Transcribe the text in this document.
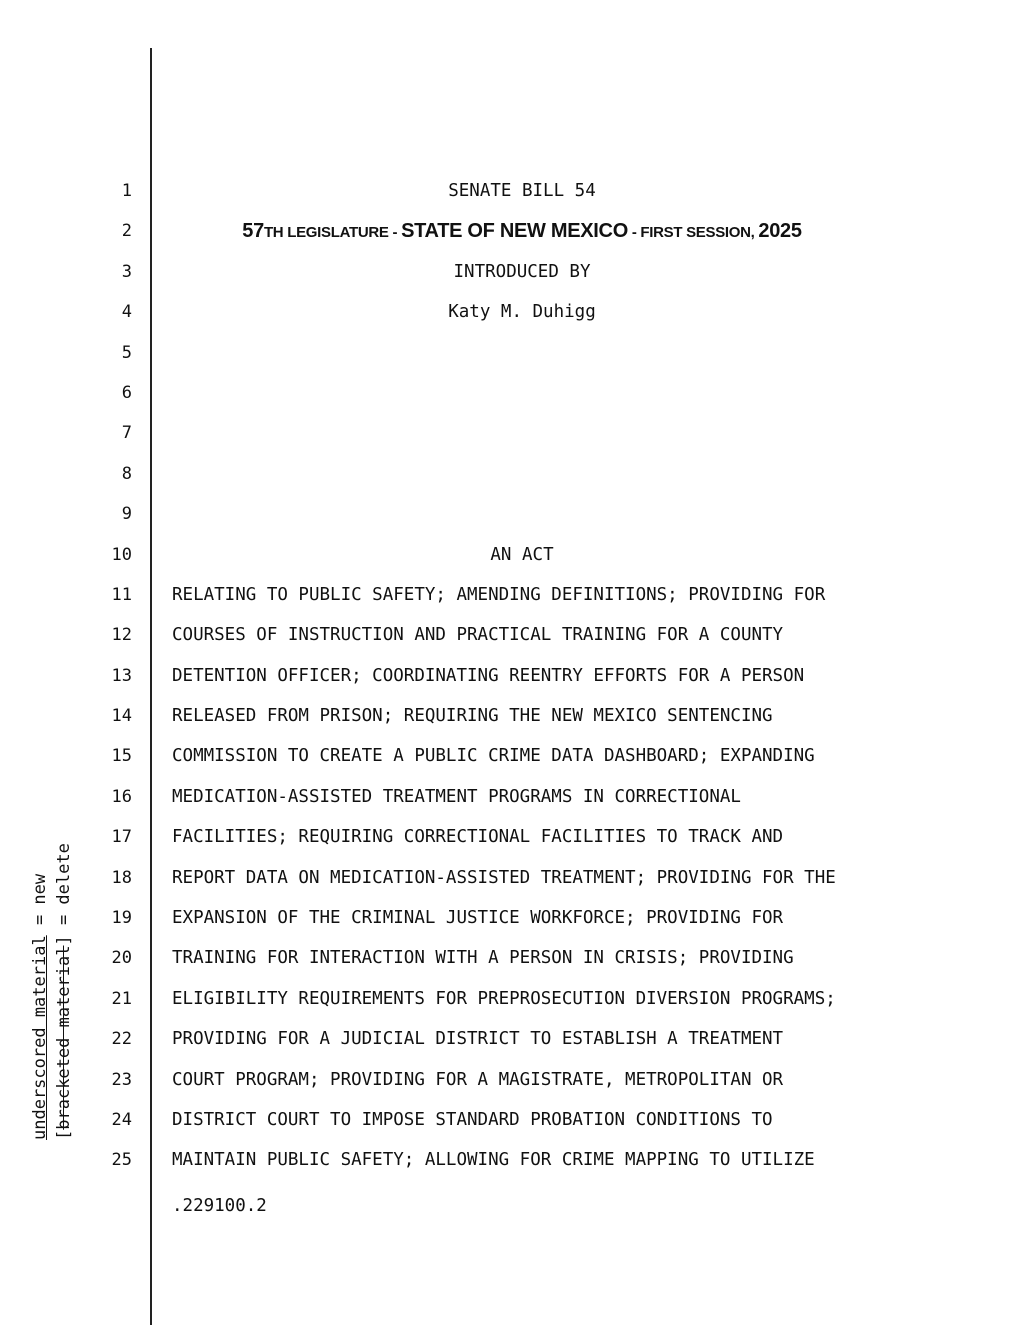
underscored material = new
[bracketed material] = delete
1
2
3
4
5
6
7
8
9
10
11
12
13
14
15
16
17
18
19
20
21
22
23
24
25
SENATE BILL 54
57TH LEGISLATURE - STATE OF NEW MEXICO - FIRST SESSION, 2025
INTRODUCED BY
Katy M. Duhigg
AN ACT
RELATING TO PUBLIC SAFETY; AMENDING DEFINITIONS; PROVIDING FOR
COURSES OF INSTRUCTION AND PRACTICAL TRAINING FOR A COUNTY
DETENTION OFFICER; COORDINATING REENTRY EFFORTS FOR A PERSON
RELEASED FROM PRISON; REQUIRING THE NEW MEXICO SENTENCING
COMMISSION TO CREATE A PUBLIC CRIME DATA DASHBOARD; EXPANDING
MEDICATION-ASSISTED TREATMENT PROGRAMS IN CORRECTIONAL
FACILITIES; REQUIRING CORRECTIONAL FACILITIES TO TRACK AND
REPORT DATA ON MEDICATION-ASSISTED TREATMENT; PROVIDING FOR THE
EXPANSION OF THE CRIMINAL JUSTICE WORKFORCE; PROVIDING FOR
TRAINING FOR INTERACTION WITH A PERSON IN CRISIS; PROVIDING
ELIGIBILITY REQUIREMENTS FOR PREPROSECUTION DIVERSION PROGRAMS;
PROVIDING FOR A JUDICIAL DISTRICT TO ESTABLISH A TREATMENT
COURT PROGRAM; PROVIDING FOR A MAGISTRATE, METROPOLITAN OR
DISTRICT COURT TO IMPOSE STANDARD PROBATION CONDITIONS TO
MAINTAIN PUBLIC SAFETY; ALLOWING FOR CRIME MAPPING TO UTILIZE
.229100.2
